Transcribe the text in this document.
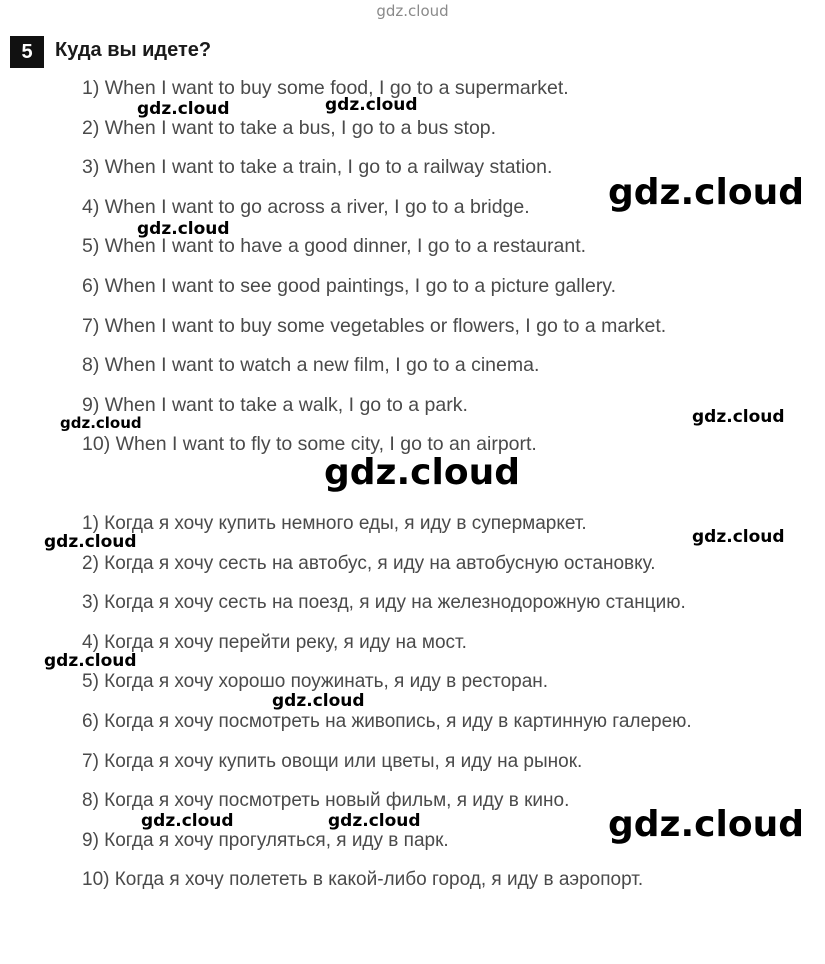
gdz.cloud
5	Куда вы идете?
1) When I want to buy some food, I go to a supermarket.
2) When I want to take a bus, I go to a bus stop.
3) When I want to take a train, I go to a railway station.
4) When I want to go across a river, I go to a bridge.
5) When I want to have a good dinner, I go to a restaurant.
6) When I want to see good paintings, I go to a picture gallery.
7) When I want to buy some vegetables or flowers, I go to a market.
8) When I want to watch a new film, I go to a cinema.
9) When I want to take a walk, I go to a park.
10) When I want to fly to some city, I go to an airport.
1) Когда я хочу купить немного еды, я иду в супермаркет.
2) Когда я хочу сесть на автобус, я иду на автобусную остановку.
3) Когда я хочу сесть на поезд, я иду на железнодорожную станцию.
4) Когда я хочу перейти реку, я иду на мост.
5) Когда я хочу хорошо поужинать, я иду в ресторан.
6) Когда я хочу посмотреть на живопись, я иду в картинную галерею.
7) Когда я хочу купить овощи или цветы, я иду на рынок.
8) Когда я хочу посмотреть новый фильм, я иду в кино.
9) Когда я хочу прогуляться, я иду в парк.
10) Когда я хочу полететь в какой-либо город, я иду в аэропорт.
gdz.cloud	gdz.cloud
gdz.cloud
gdz.cloud
gdz.cloud
gdz.cloud
gdz.cloud
gdz.cloud	gdz.cloud
gdz.cloud
gdz.cloud
gdz.cloud
gdz.cloud	gdz.cloud
